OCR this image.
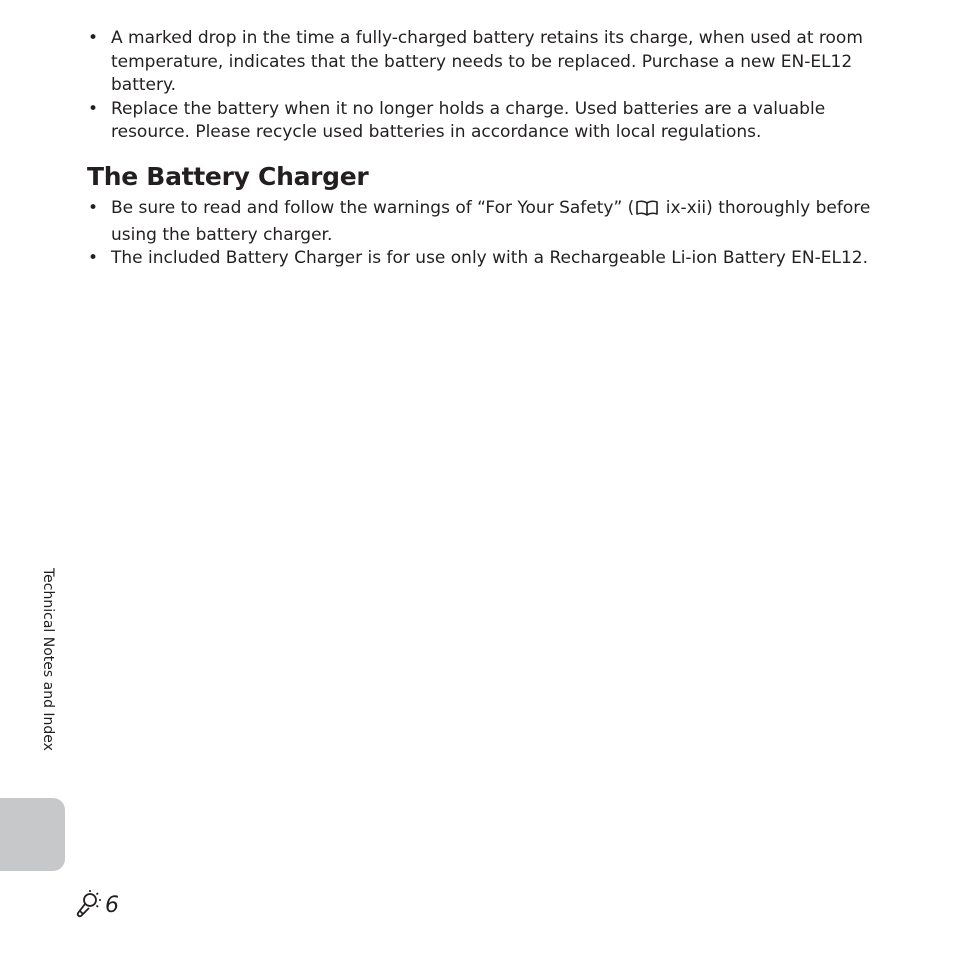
• A marked drop in the time a fully-charged battery retains its charge, when used at room temperature, indicates that the battery needs to be replaced. Purchase a new EN-EL12 battery.
• Replace the battery when it no longer holds a charge. Used batteries are a valuable resource. Please recycle used batteries in accordance with local regulations.
The Battery Charger
• Be sure to read and follow the warnings of “For Your Safety” ( ix-xii) thoroughly before using the battery charger.
• The included Battery Charger is for use only with a Rechargeable Li-ion Battery EN-EL12.
Technical Notes and Index
6
